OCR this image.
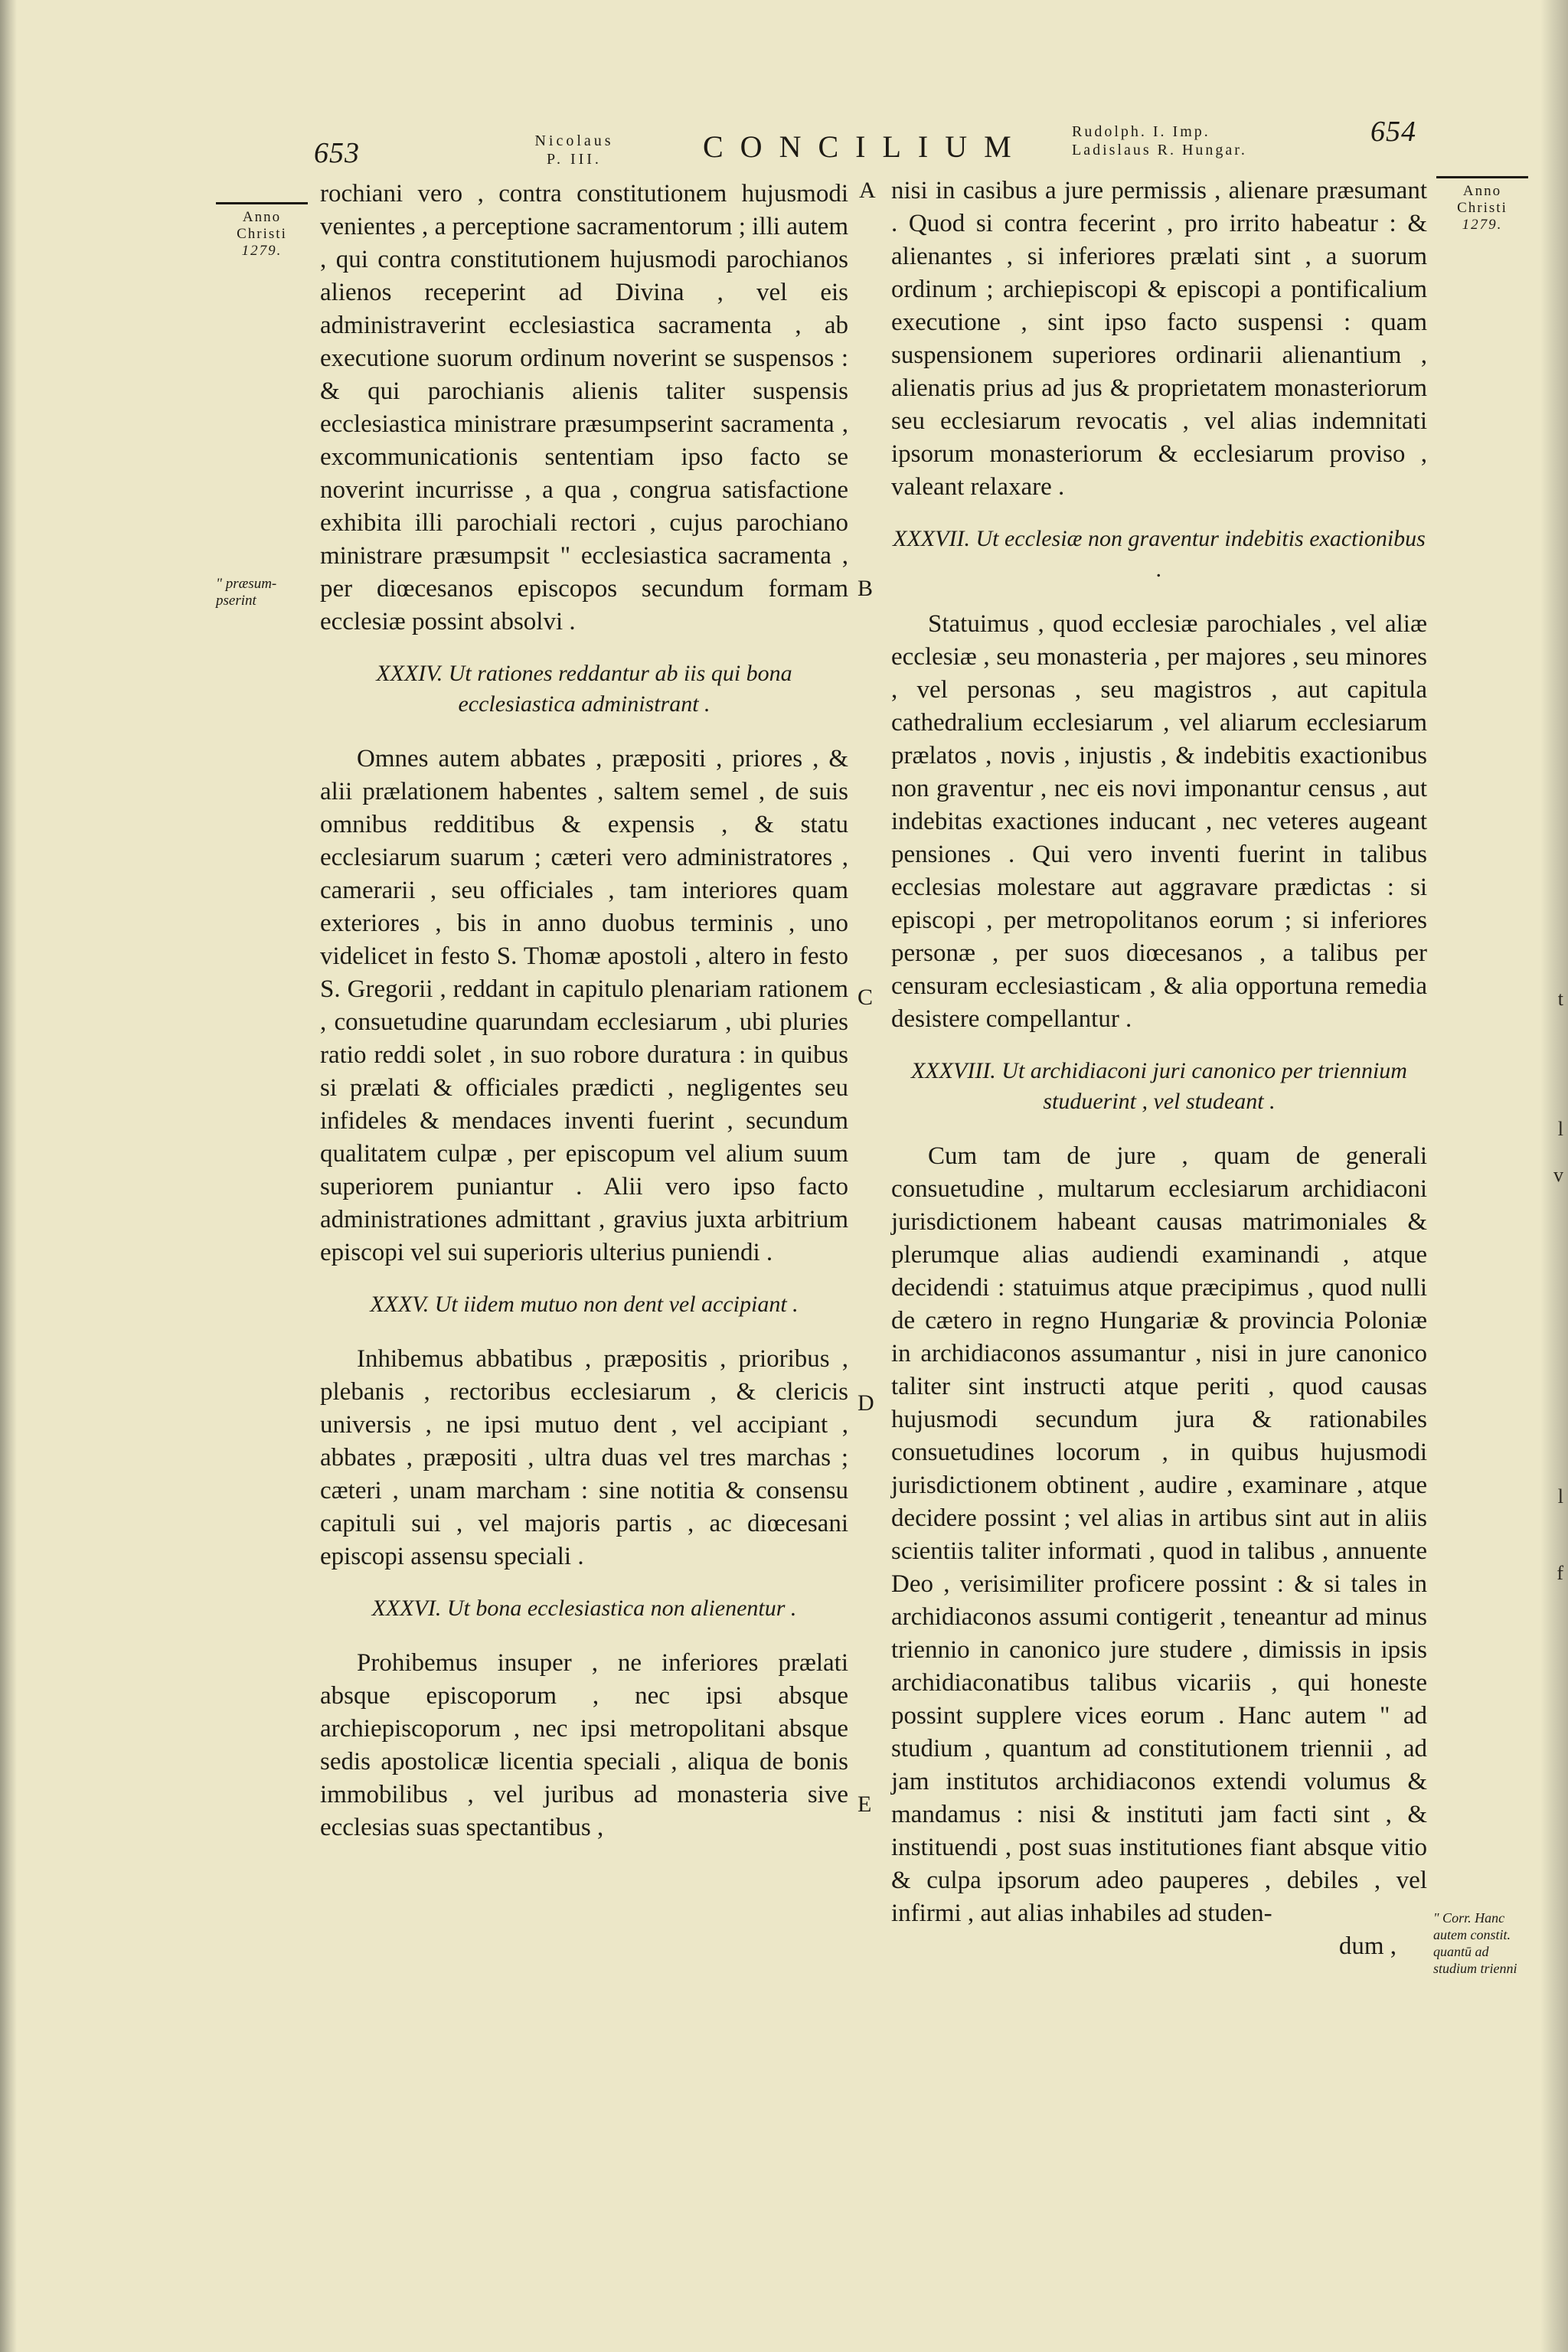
t
l
v
l
f
653	Nicolaus
P. III.	CONCILIUM	Rudolph. I. Imp.
Ladislaus R. Hungar.
654
Anno
Christi
1279.
" præsum-pserint
Anno
Christi
1279.
" Corr. Hanc autem constit. quantū ad studium trienni
A
B
C
D
E

rochiani vero , contra constitutionem hujusmodi venientes , a perceptione sacramentorum ; illi autem , qui contra constitutionem hujusmodi parochianos alienos receperint ad Divina , vel eis administraverint ecclesiastica sacramenta , ab executione suorum ordinum noverint se suspensos : & qui parochianis alienis taliter suspensis ecclesiastica ministrare præsumpserint sacramenta , excommunicationis sententiam ipso facto se noverint incurrisse , a qua , congrua satisfactione exhibita illi parochiali rectori , cujus parochiano ministrare præsumpsit " ecclesiastica sacramenta , per diœcesanos episcopos secundum formam ecclesiæ possint absolvi .

XXXIV. Ut rationes reddantur ab iis qui bona ecclesiastica administrant .

Omnes autem abbates , præpositi , priores , & alii prælationem habentes , saltem semel , de suis omnibus redditibus & expensis , & statu ecclesiarum suarum ; cæteri vero administratores , camerarii , seu officiales , tam interiores quam exteriores , bis in anno duobus terminis , uno videlicet in festo S. Thomæ apostoli , altero in festo S. Gregorii , reddant in capitulo plenariam rationem , consuetudine quarundam ecclesiarum , ubi pluries ratio reddi solet , in suo robore duratura : in quibus si prælati & officiales prædicti , negligentes seu infideles & mendaces inventi fuerint , secundum qualitatem culpæ , per episcopum vel alium suum superiorem puniantur . Alii vero ipso facto administrationes admittant , gravius juxta arbitrium episcopi vel sui superioris ulterius puniendi .

XXXV. Ut iidem mutuo non dent vel accipiant .

Inhibemus abbatibus , præpositis , prioribus , plebanis , rectoribus ecclesiarum , & clericis universis , ne ipsi mutuo dent , vel accipiant , abbates , præpositi , ultra duas vel tres marchas ; cæteri , unam marcham : sine notitia & consensu capituli sui , vel majoris partis , ac diœcesani episcopi assensu speciali .

XXXVI. Ut bona ecclesiastica non alienentur .

Prohibemus insuper , ne inferiores prælati absque episcoporum , nec ipsi absque archiepiscoporum , nec ipsi metropolitani absque sedis apostolicæ licentia speciali , aliqua de bonis immobilibus , vel juribus ad monasteria sive ecclesias suas spectantibus ,

nisi in casibus a jure permissis , alienare præsumant . Quod si contra fecerint , pro irrito habeatur : & alienantes , si inferiores prælati sint , a suorum ordinum ; archiepiscopi & episcopi a pontificalium executione , sint ipso facto suspensi : quam suspensionem superiores ordinarii alienantium , alienatis prius ad jus & proprietatem monasteriorum seu ecclesiarum revocatis , vel alias indemnitati ipsorum monasteriorum & ecclesiarum proviso , valeant relaxare .

XXXVII. Ut ecclesiæ non graventur indebitis exactionibus .

Statuimus , quod ecclesiæ parochiales , vel aliæ ecclesiæ , seu monasteria , per majores , seu minores , vel personas , seu magistros , aut capitula cathedralium ecclesiarum , vel aliarum ecclesiarum prælatos , novis , injustis , & indebitis exactionibus non graventur , nec eis novi imponantur census , aut indebitas exactiones inducant , nec veteres augeant pensiones . Qui vero inventi fuerint in talibus ecclesias molestare aut aggravare prædictas : si episcopi , per metropolitanos eorum ; si inferiores personæ , per suos diœcesanos , a talibus per censuram ecclesiasticam , & alia opportuna remedia desistere compellantur .

XXXVIII. Ut archidiaconi juri canonico per triennium studuerint , vel studeant .

Cum tam de jure , quam de generali consuetudine , multarum ecclesiarum archidiaconi jurisdictionem habeant causas matrimoniales & plerumque alias audiendi examinandi , atque decidendi : statuimus atque præcipimus , quod nulli de cætero in regno Hungariæ & provincia Poloniæ in archidiaconos assumantur , nisi in jure canonico taliter sint instructi atque periti , quod causas hujusmodi secundum jura & rationabiles consuetudines locorum , in quibus hujusmodi jurisdictionem obtinent , audire , examinare , atque decidere possint ; vel alias in artibus sint aut in aliis scientiis taliter informati , quod in talibus , annuente Deo , verisimiliter proficere possint : & si tales in archidiaconos assumi contigerit , teneantur ad minus triennio in canonico jure studere , dimissis in ipsis archidiaconatibus talibus vicariis , qui honeste possint supplere vices eorum . Hanc autem " ad studium , quantum ad constitutionem triennii , ad jam institutos archidiaconos extendi volumus & mandamus : nisi & instituti jam facti sint , & instituendi , post suas institutiones fiant absque vitio & culpa ipsorum adeo pauperes , debiles , vel infirmi , aut alias inhabiles ad studen-

dum ,
